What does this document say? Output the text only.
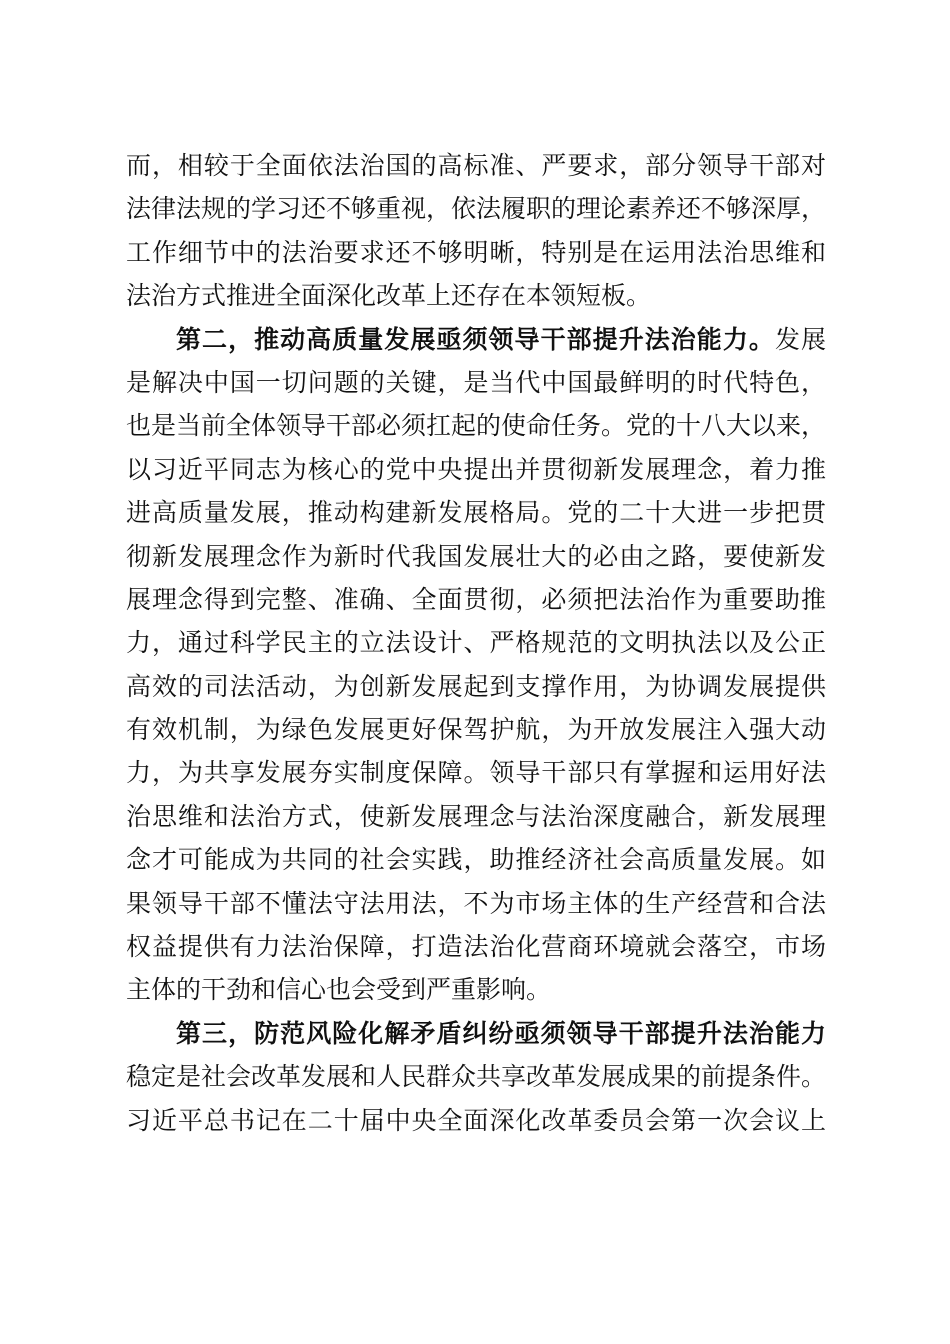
而，相较于全面依法治国的高标准、严要求，部分领导干部对
法律法规的学习还不够重视，依法履职的理论素养还不够深厚，
工作细节中的法治要求还不够明晰，特别是在运用法治思维和
法治方式推进全面深化改革上还存在本领短板。
第二，推动高质量发展亟须领导干部提升法治能力。发展
是解决中国一切问题的关键，是当代中国最鲜明的时代特色，
也是当前全体领导干部必须扛起的使命任务。党的十八大以来，
以习近平同志为核心的党中央提出并贯彻新发展理念，着力推
进高质量发展，推动构建新发展格局。党的二十大进一步把贯
彻新发展理念作为新时代我国发展壮大的必由之路，要使新发
展理念得到完整、准确、全面贯彻，必须把法治作为重要助推
力，通过科学民主的立法设计、严格规范的文明执法以及公正
高效的司法活动，为创新发展起到支撑作用，为协调发展提供
有效机制，为绿色发展更好保驾护航，为开放发展注入强大动
力，为共享发展夯实制度保障。领导干部只有掌握和运用好法
治思维和法治方式，使新发展理念与法治深度融合，新发展理
念才可能成为共同的社会实践，助推经济社会高质量发展。如
果领导干部不懂法守法用法，不为市场主体的生产经营和合法
权益提供有力法治保障，打造法治化营商环境就会落空，市场
主体的干劲和信心也会受到严重影响。
第三，防范风险化解矛盾纠纷亟须领导干部提升法治能力
稳定是社会改革发展和人民群众共享改革发展成果的前提条件。
习近平总书记在二十届中央全面深化改革委员会第一次会议上
